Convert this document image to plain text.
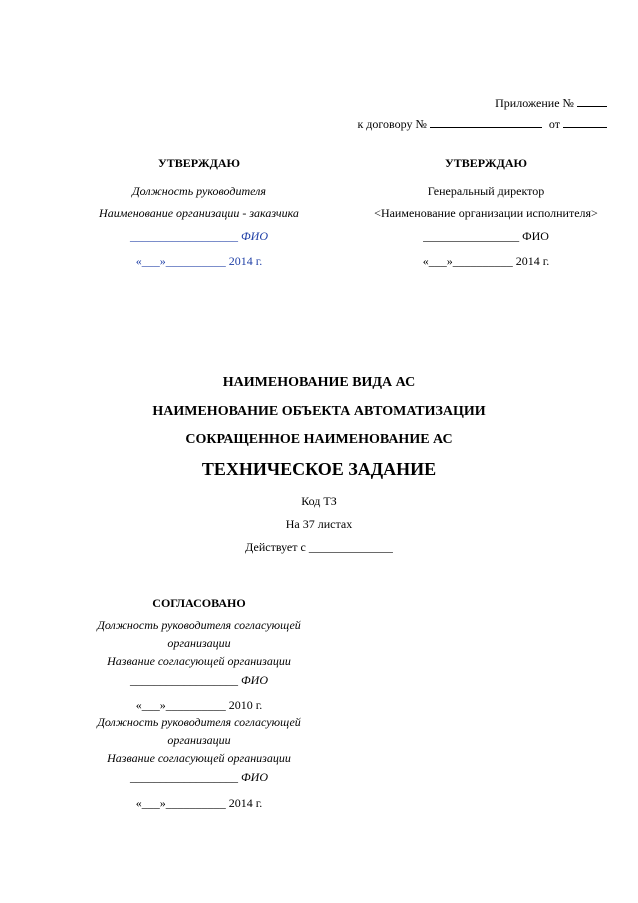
Приложение №
к договору №	от
УТВЕРЖДАЮ
Должность руководителя
Наименование организации - заказчика
__________________ ФИО
«___»__________ 2014 г.
УТВЕРЖДАЮ
Генеральный директор
<Наименование организации исполнителя>
________________ ФИО
«___»__________ 2014 г.
НАИМЕНОВАНИЕ ВИДА АС
НАИМЕНОВАНИЕ ОБЪЕКТА АВТОМАТИЗАЦИИ
СОКРАЩЕННОЕ НАИМЕНОВАНИЕ АС
ТЕХНИЧЕСКОЕ ЗАДАНИЕ
Код ТЗ
На 37 листах
Действует с ______________
СОГЛАСОВАНО
Должность руководителя согласующей
организации
Название согласующей организации
__________________ ФИО
«___»__________ 2010 г.
Должность руководителя согласующей
организации
Название согласующей организации
__________________ ФИО
«___»__________ 2014 г.
